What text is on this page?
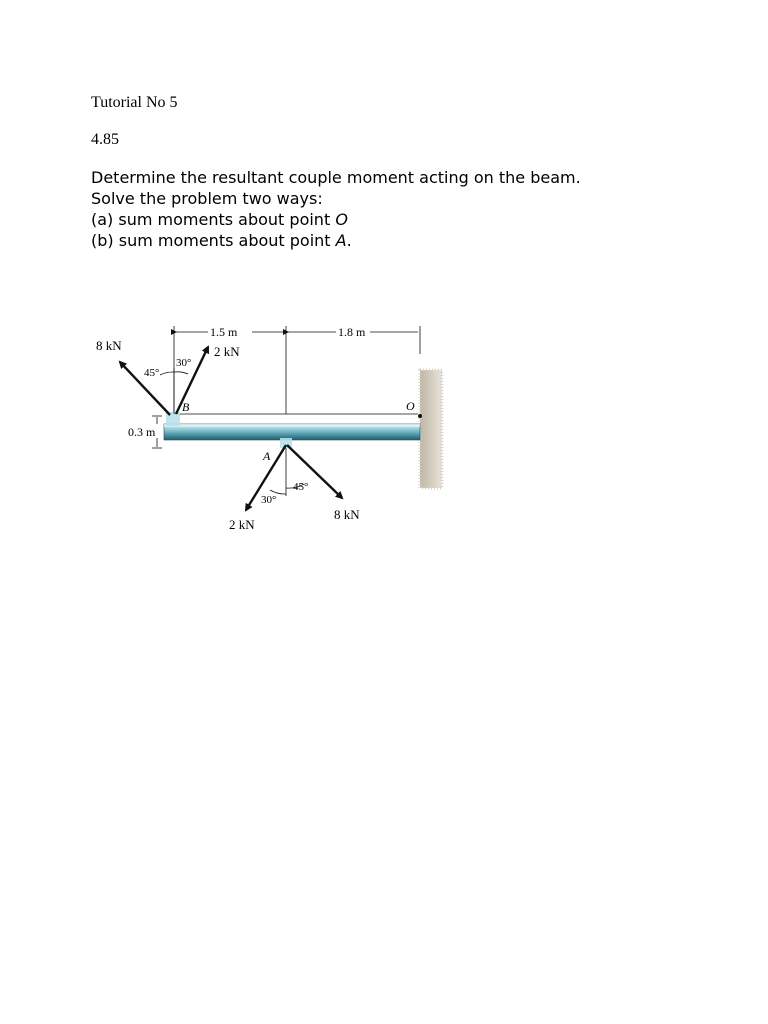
Tutorial No 5
4.85
Determine the resultant couple moment acting on the beam.
Solve the problem two ways:
(a) sum moments about point O
(b) sum moments about point A.
1.5 m	1.8 m
0.3 m
8 kN	2 kN
45°
30°
B	O
A
30°
45°
2 kN
8 kN
